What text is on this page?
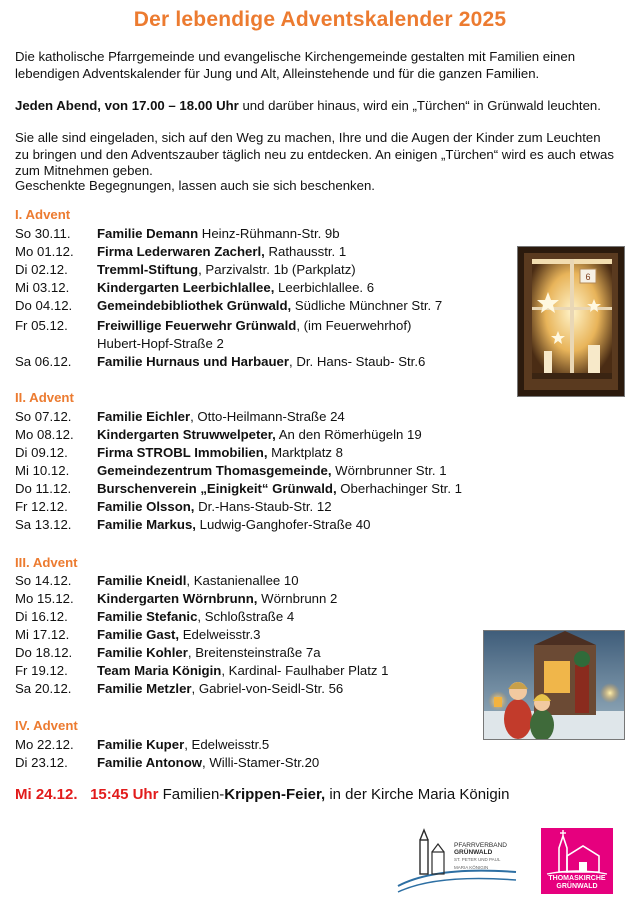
Der lebendige Adventskalender 2025
Die katholische Pfarrgemeinde und evangelische Kirchengemeinde gestalten mit Familien einen lebendigen Adventskalender für Jung und Alt, Alleinstehende und für die ganzen Familien.
Jeden Abend, von 17.00 – 18.00 Uhr und darüber hinaus, wird ein „Türchen“ in Grünwald leuchten.
Sie alle sind eingeladen, sich auf den Weg zu machen, Ihre und die Augen der Kinder zum Leuchten zu bringen und den Adventszauber täglich neu zu entdecken. An einigen „Türchen“ wird es auch etwas zum Mitnehmen geben.
Geschenkte Begegnungen, lassen auch sie sich beschenken.
I. Advent
So 30.11.	Familie Demann Heinz-Rühmann-Str. 9b
Mo 01.12.	Firma Lederwaren Zacherl, Rathausstr. 1
Di 02.12.	Tremml-Stiftung, Parzivalstr. 1b (Parkplatz)
Mi 03.12.	Kindergarten Leerbichlallee, Leerbichlallee. 6
Do 04.12.	Gemeindebibliothek Grünwald, Südliche Münchner Str. 7
Fr 05.12.	Freiwillige Feuerwehr Grünwald, (im Feuerwehrhof)
Hubert-Hopf-Straße 2
Sa 06.12.	Familie Hurnaus und Harbauer, Dr. Hans- Staub- Str.6
II. Advent
So 07.12.	Familie Eichler, Otto-Heilmann-Straße 24
Mo 08.12.	Kindergarten Struwwelpeter, An den Römerhügeln 19
Di 09.12.	Firma STROBL Immobilien, Marktplatz 8
Mi 10.12.	Gemeindezentrum Thomasgemeinde, Wörnbrunner Str. 1
Do 11.12.	Burschenverein „Einigkeit“ Grünwald, Oberhachinger Str. 1
Fr 12.12.	Familie Olsson, Dr.-Hans-Staub-Str. 12
Sa 13.12.	Familie Markus, Ludwig-Ganghofer-Straße 40
III. Advent
So 14.12.	Familie Kneidl, Kastanienallee 10
Mo 15.12.	Kindergarten Wörnbrunn, Wörnbrunn 2
Di 16.12.	Familie Stefanic, Schloßstraße 4
Mi 17.12.	Familie Gast, Edelweisstr.3
Do 18.12.	Familie Kohler, Breitensteinstraße 7a
Fr 19.12.	Team Maria Königin, Kardinal- Faulhaber Platz 1
Sa 20.12.	Familie Metzler, Gabriel-von-Seidl-Str. 56
IV. Advent
Mo 22.12.	Familie Kuper, Edelweisstr.5
Di 23.12.	Familie Antonow, Willi-Stamer-Str.20
Mi 24.12. 15:45 Uhr Familien-Krippen-Feier, in der Kirche Maria Königin
6
PFARRVERBAND
GRÜNWALD
ST. PETER UND PAUL
MARIA KÖNIGIN
THOMASKIRCHE
GRÜNWALD
